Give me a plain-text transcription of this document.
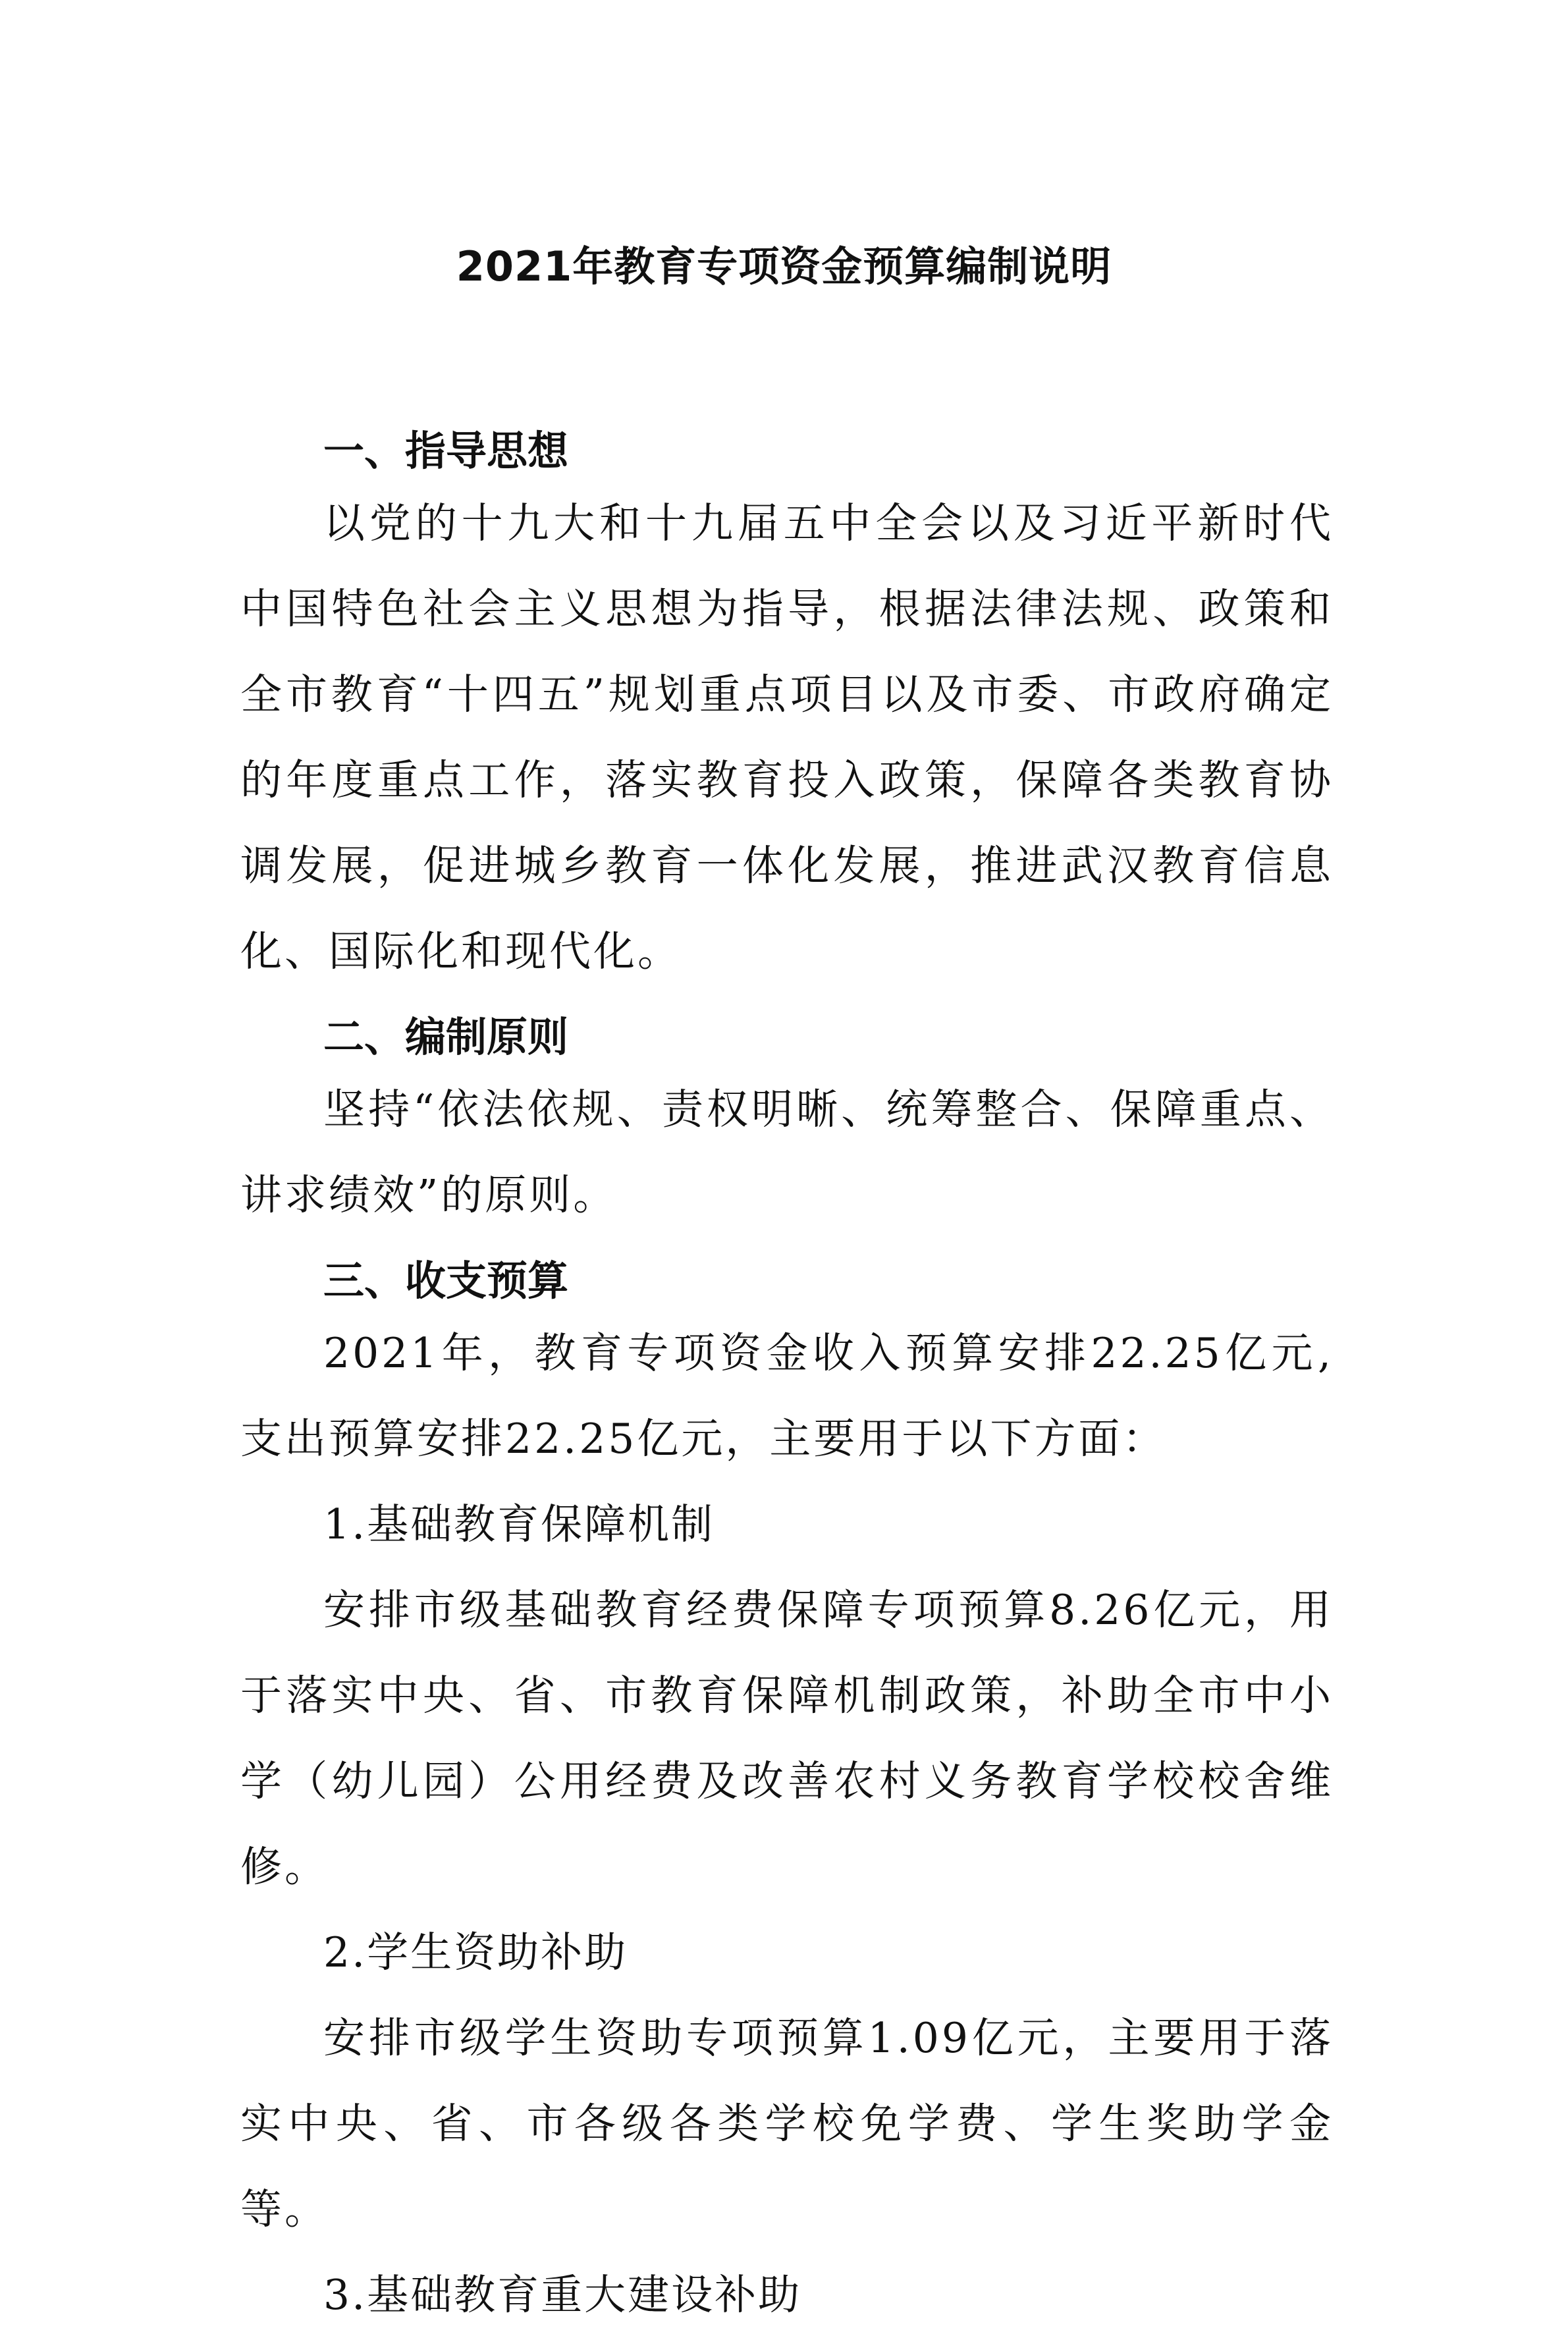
2021年教育专项资金预算编制说明
一、指导思想

以党的十九大和十九届五中全会以及习近平新时代中国特色社会主义思想为指导，根据法律法规、政策和全市教育“十四五”规划重点项目以及市委、市政府确定的年度重点工作，落实教育投入政策，保障各类教育协调发展，促进城乡教育一体化发展，推进武汉教育信息化、国际化和现代化。

二、编制原则

坚持“依法依规、责权明晰、统筹整合、保障重点、讲求绩效”的原则。

三、收支预算

2021年，教育专项资金收入预算安排22.25亿元,支出预算安排22.25亿元，主要用于以下方面：

1.基础教育保障机制

安排市级基础教育经费保障专项预算8.26亿元，用于落实中央、省、市教育保障机制政策，补助全市中小学（幼儿园）公用经费及改善农村义务教育学校校舍维修。

2.学生资助补助

安排市级学生资助专项预算1.09亿元，主要用于落实中央、省、市各级各类学校免学费、学生奖助学金等。

3.基础教育重大建设补助
